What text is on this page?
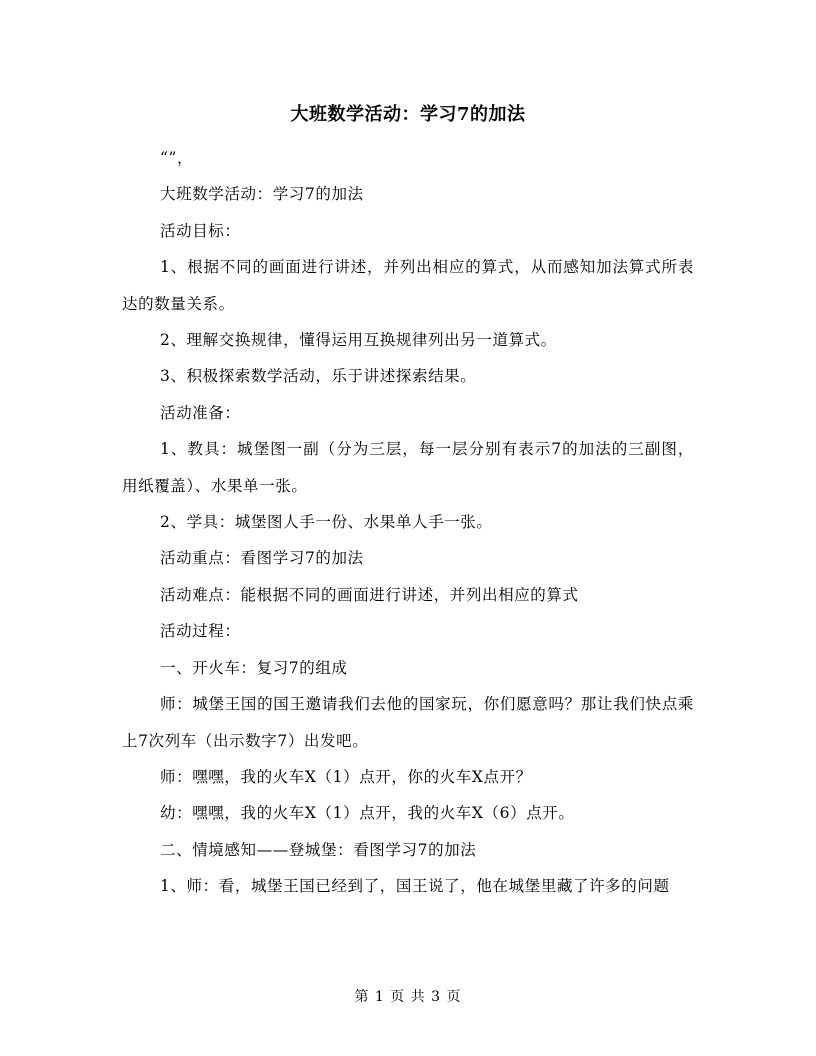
大班数学活动：学习7的加法

“”，

大班数学活动：学习7的加法

活动目标：

1、根据不同的画面进行讲述，并列出相应的算式，从而感知加法算式所表达的数量关系。

2、理解交换规律，懂得运用互换规律列出另一道算式。

3、积极探索数学活动，乐于讲述探索结果。

活动准备：

1、教具：城堡图一副（分为三层，每一层分别有表示7的加法的三副图，用纸覆盖）、水果单一张。

2、学具：城堡图人手一份、水果单人手一张。

活动重点：看图学习7的加法

活动难点：能根据不同的画面进行讲述，并列出相应的算式

活动过程：

一、开火车：复习7的组成

师：城堡王国的国王邀请我们去他的国家玩，你们愿意吗？那让我们快点乘上7次列车（出示数字7）出发吧。

师：嘿嘿，我的火车X（1）点开，你的火车X点开？

幼：嘿嘿，我的火车X（1）点开，我的火车X（6）点开。

二、情境感知——登城堡：看图学习7的加法

1、师：看，城堡王国已经到了，国王说了，他在城堡里藏了许多的问题

第 1 页 共 3 页
